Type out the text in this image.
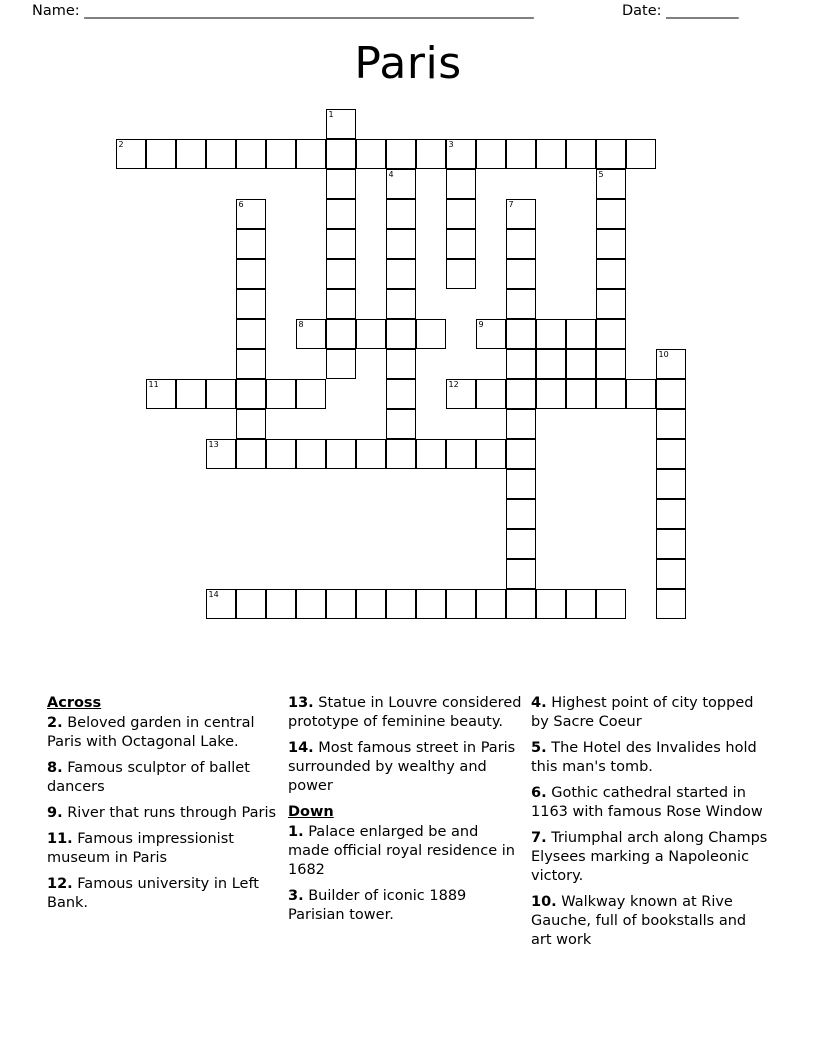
Name: ______________________________________________________________	Date: __________
Paris
1
2	3
4	5
6	7
8	9
10
11	12
13
14
Across

2. Beloved garden in central Paris with Octagonal Lake.

8. Famous sculptor of ballet dancers

9. River that runs through Paris

11. Famous impressionist museum in Paris

12. Famous university in Left Bank.

13. Statue in Louvre considered prototype of feminine beauty.

14. Most famous street in Paris surrounded by wealthy and power

Down

1. Palace enlarged be and made official royal residence in 1682

3. Builder of iconic 1889 Parisian tower.

4. Highest point of city topped by Sacre Coeur

5. The Hotel des Invalides hold this man's tomb.

6. Gothic cathedral started in 1163 with famous Rose Window

7. Triumphal arch along Champs Elysees marking a Napoleonic victory.

10. Walkway known at Rive Gauche, full of bookstalls and art work
